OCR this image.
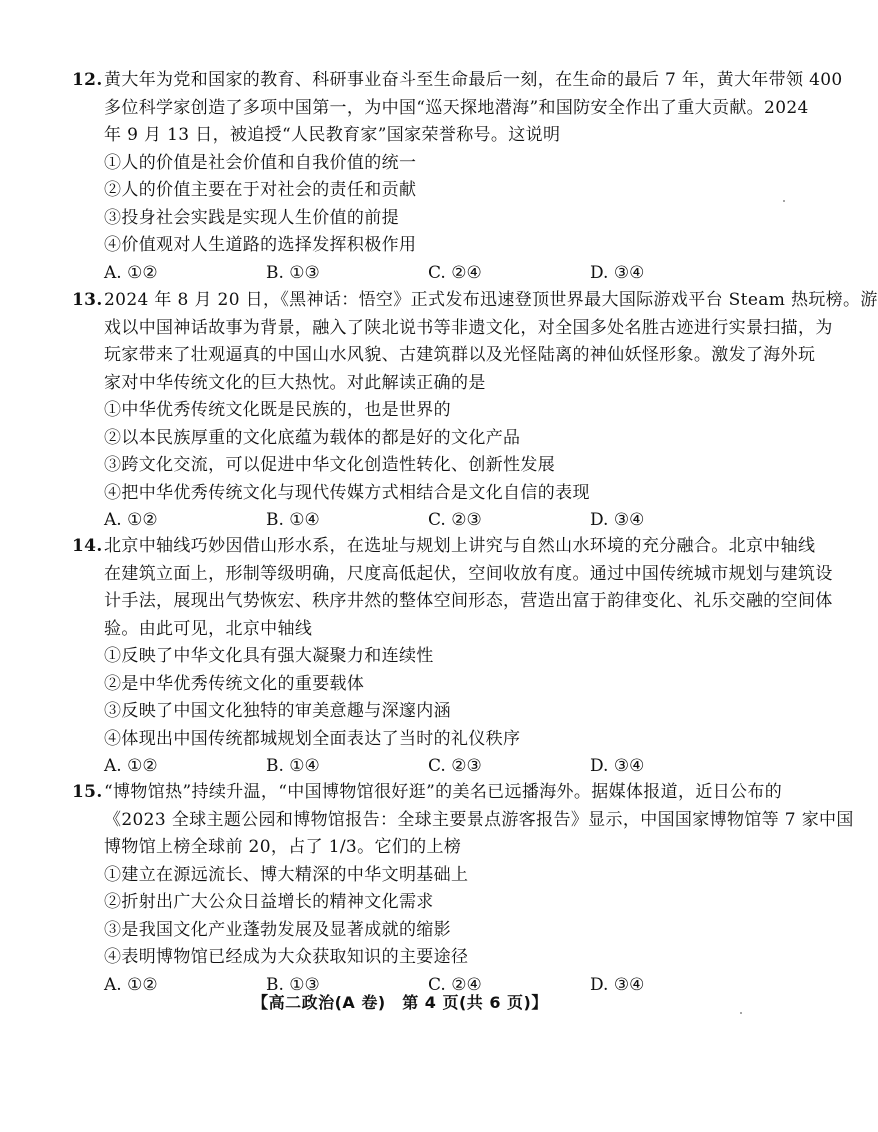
12. 黄大年为党和国家的教育、科研事业奋斗至生命最后一刻，在生命的最后 7 年，黄大年带领 400
多位科学家创造了多项中国第一，为中国“巡天探地潜海”和国防安全作出了重大贡献。2024
年 9 月 13 日，被追授“人民教育家”国家荣誉称号。这说明
①人的价值是社会价值和自我价值的统一
②人的价值主要在于对社会的责任和贡献
③投身社会实践是实现人生价值的前提
④价值观对人生道路的选择发挥积极作用
A. ①②	B. ①③	C. ②④	D. ③④
13. 2024 年 8 月 20 日，《黑神话：悟空》正式发布迅速登顶世界最大国际游戏平台 Steam 热玩榜。游
戏以中国神话故事为背景，融入了陕北说书等非遗文化，对全国多处名胜古迹进行实景扫描，为
玩家带来了壮观逼真的中国山水风貌、古建筑群以及光怪陆离的神仙妖怪形象。激发了海外玩
家对中华传统文化的巨大热忱。对此解读正确的是
①中华优秀传统文化既是民族的，也是世界的
②以本民族厚重的文化底蕴为载体的都是好的文化产品
③跨文化交流，可以促进中华文化创造性转化、创新性发展
④把中华优秀传统文化与现代传媒方式相结合是文化自信的表现
A. ①②	B. ①④	C. ②③	D. ③④
14. 北京中轴线巧妙因借山形水系，在选址与规划上讲究与自然山水环境的充分融合。北京中轴线
在建筑立面上，形制等级明确，尺度高低起伏，空间收放有度。通过中国传统城市规划与建筑设
计手法，展现出气势恢宏、秩序井然的整体空间形态，营造出富于韵律变化、礼乐交融的空间体
验。由此可见，北京中轴线
①反映了中华文化具有强大凝聚力和连续性
②是中华优秀传统文化的重要载体
③反映了中国文化独特的审美意趣与深邃内涵
④体现出中国传统都城规划全面表达了当时的礼仪秩序
A. ①②	B. ①④	C. ②③	D. ③④
15. “博物馆热”持续升温，“中国博物馆很好逛”的美名已远播海外。据媒体报道，近日公布的
《2023 全球主题公园和博物馆报告：全球主要景点游客报告》显示，中国国家博物馆等 7 家中国
博物馆上榜全球前 20，占了 1/3。它们的上榜
①建立在源远流长、博大精深的中华文明基础上
②折射出广大公众日益增长的精神文化需求
③是我国文化产业蓬勃发展及显著成就的缩影
④表明博物馆已经成为大众获取知识的主要途径
A. ①②	B. ①③	C. ②④	D. ③④
【高二政治(A 卷)　第 4 页(共 6 页)】
